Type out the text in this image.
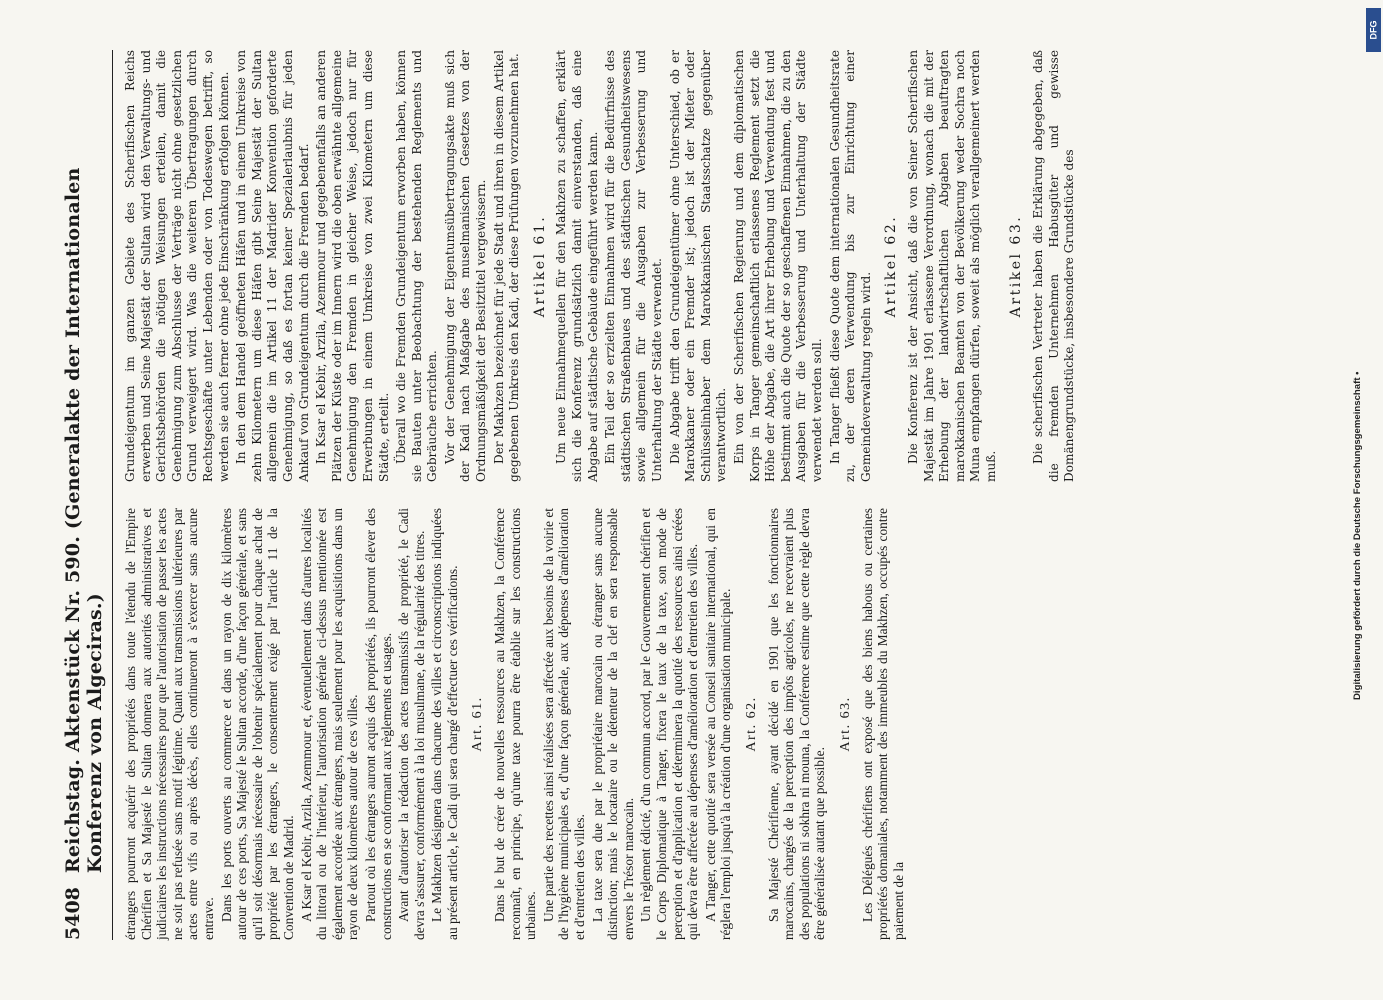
5408
Reichstag. Aktenstück Nr. 590. (Generalakte der Internationalen Konferenz von Algeciras.) étrangers pourront acquérir des propriétés dans toute l'étendu de l'Empire Chérifien et Sa Majesté le Sultan donnera aux autorités administratives et judiciaires les instructions nécessaires pour que l'autorisation de passer les actes ne soit pas refusée sans motif légitime. Quant aux transmissions ultérieures par actes entre vifs ou après décès, elles continueront à s'exercer sans aucune entrave. Dans les ports ouverts au commerce et dans un rayon de dix kilomètres autour de ces ports, Sa Majesté le Sultan accorde, d'une façon générale, et sans qu'il soit désormais nécessaire de l'obtenir spécialement pour chaque achat de propriété par les étrangers, le consentement exigé par l'article 11 de la Convention de Madrid. A Ksar el Kebir, Arzila, Azemmour et, éventuellement dans d'autres localités du littoral ou de l'intérieur, l'autorisation générale ci-dessus mentionnée est également accordée aux étrangers, mais seulement pour les acquisitions dans un rayon de deux kilomètres autour de ces villes. Partout où les étrangers auront acquis des propriétés, ils pourront élever des constructions en se conformant aux règlements et usages. Avant d'autoriser la rédaction des actes transmissifs de propriété, le Cadi devra s'assurer, conformément à la loi musulmane, de la régularité des titres. Le Makhzen désignera dans chacune des villes et circonscriptions indiquées au présent article, le Cadi qui sera chargé d'effectuer ces vérifications. Art. 61. Dans le but de créer de nouvelles ressources au Makhzen, la Conférence reconnaît, en principe, qu'une taxe pourra être établie sur les constructions urbaines. Une partie des recettes ainsi réalisées sera affectée aux besoins de la voirie et de l'hygiène municipales et, d'une façon générale, aux dépenses d'amélioration et d'entretien des villes. La taxe sera due par le propriétaire marocain ou étranger sans aucune distinction; mais le locataire ou le détenteur de la clef en sera responsable envers le Trésor marocain. Un règlement édicté, d'un commun accord, par le Gouvernement chérifien et le Corps Diplomatique à Tanger, fixera le taux de la taxe, son mode de perception et d'application et déterminera la quotité des ressources ainsi créées qui devra être affectée au dépenses d'amélioration et d'entretien des villes. A Tanger, cette quotité sera versée au Conseil sanitaire international, qui en réglera l'emploi jusqu'à la création d'une organisation municipale. Art. 62. Sa Majesté Chérifienne, ayant décidé en 1901 que les fonctionnaires marocains, chargés de la perception des impôts agricoles, ne recevraient plus des populations ni sokhra ni mouna, la Conférence estime que cette règle devra être généralisée autant que possible.

Art. 63. Les Délégués chérifiens ont exposé que des biens habous ou certaines propriétés domaniales, notamment des immeubles du Makhzen, occupés contre paiement de la

Grundeigentum im ganzen Gebiete des Scherifischen Reichs erwerben und Seine Majestät der Sultan wird den Verwaltungs- und Gerichtsbehörden die nötigen Weisungen erteilen, damit die Genehmigung zum Abschlusse der Verträge nicht ohne gesetzlichen Grund verweigert wird. Was die weiteren Übertragungen durch Rechtsgeschäfte unter Lebenden oder von Todeswegen betrifft, so werden sie auch ferner ohne jede Einschränkung erfolgen können. In den dem Handel geöffneten Häfen und in einem Umkreise von zehn Kilometern um diese Häfen gibt Seine Majestät der Sultan allgemein die im Artikel 11 der Madrider Konvention geforderte Genehmigung, so daß es fortan keiner Spezialerlaubnis für jeden Ankauf von Grundeigentum durch die Fremden bedarf. In Ksar el Kebir, Arzila, Azemmour und gegebenenfalls an anderen Plätzen der Küste oder im Innern wird die oben erwähnte allgemeine Genehmigung den Fremden in gleicher Weise, jedoch nur für Erwerbungen in einem Umkreise von zwei Kilometern um diese Städte, erteilt. Überall wo die Fremden Grundeigentum erworben haben, können sie Bauten unter Beobachtung der bestehenden Reglements und Gebräuche errichten. Vor der Genehmigung der Eigentumsübertragungsakte muß sich der Kadi nach Maßgabe des muselmanischen Gesetzes von der Ordnungsmäßigkeit der Besitztitel vergewissern. Der Makhzen bezeichnet für jede Stadt und ihren in diesem Artikel gegebenen Umkreis den Kadi, der diese Prüfungen vorzunehmen hat. Artikel 61. Um neue Einnahmequellen für den Makhzen zu schaffen, erklärt sich die Konferenz grundsätzlich damit einverstanden, daß eine Abgabe auf städtische Gebäude eingeführt werden kann. Ein Teil der so erzielten Einnahmen wird für die Bedürfnisse des städtischen Straßenbaues und des städtischen Gesundheitswesens sowie allgemein für die Ausgaben zur Verbesserung und Unterhaltung der Städte verwendet. Die Abgabe trifft den Grundeigentümer ohne Unterschied, ob er Marokkaner oder ein Fremder ist; jedoch ist der Mieter oder Schlüsselinhaber dem Marokkanischen Staatsschatze gegenüber verantwortlich. Ein von der Scherifischen Regierung und dem diplomatischen Korps in Tanger gemeinschaftlich erlassenes Reglement setzt die Höhe der Abgabe, die Art ihrer Erhebung und Verwendung fest und bestimmt auch die Quote der so geschaffenen Einnahmen, die zu den Ausgaben für die Verbesserung und Unterhaltung der Städte verwendet werden soll. In Tanger fließt diese Quote dem internationalen Gesundheitsrate zu, der deren Verwendung bis zur Einrichtung einer Gemeindeverwaltung regeln wird.

Artikel 62. Die Konferenz ist der Ansicht, daß die von Seiner Scherifischen Majestät im Jahre 1901 erlassene Verordnung, wonach die mit der Erhebung der landwirtschaftlichen Abgaben beauftragten marokkanischen Beamten von der Bevölkerung weder Sochra noch Muna empfangen dürfen, soweit als möglich verallgemeinert werden muß.

Artikel 63. Die scherifischen Vertreter haben die Erklärung abgegeben, daß die fremden Unternehmen Habusgüter und gewisse Domänengrundstücke, insbesondere Grundstücke des

Digitalisierung gefördert durch die Deutsche Forschungsgemeinschaft •
DFG
